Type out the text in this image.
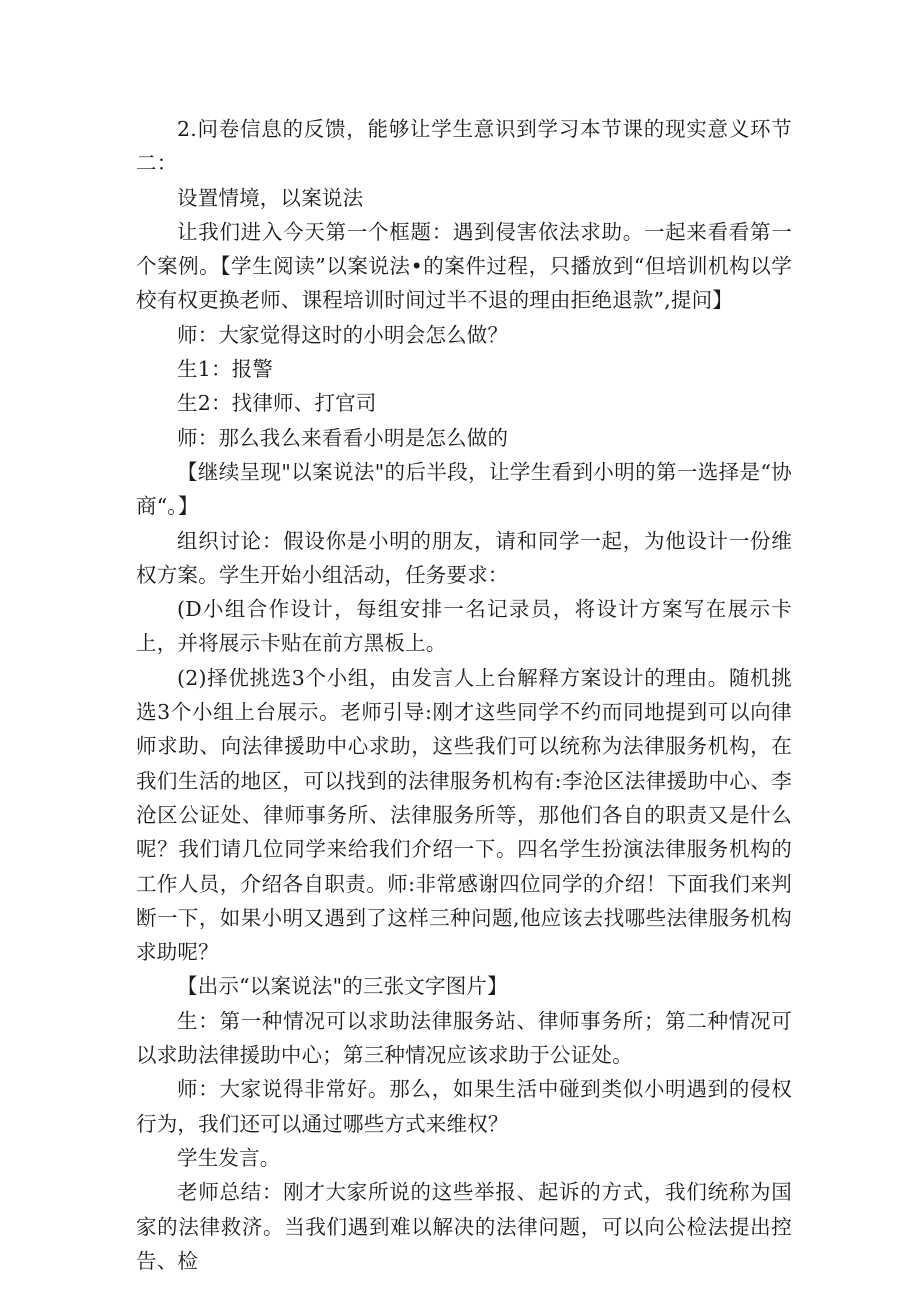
2.问卷信息的反馈，能够让学生意识到学习本节课的现实意义环节二：

设置情境，以案说法

让我们进入今天第一个框题：遇到侵害依法求助。一起来看看第一个案例。【学生阅读”以案说法•的案件过程，只播放到“但培训机构以学校有权更换老师、课程培训时间过半不退的理由拒绝退款”,提问】

师：大家觉得这时的小明会怎么做？

生1：报警

生2：找律师、打官司

师：那么我么来看看小明是怎么做的

【继续呈现"以案说法"的后半段，让学生看到小明的第一选择是“协商“。】

组织讨论：假设你是小明的朋友，请和同学一起，为他设计一份维权方案。学生开始小组活动，任务要求：

(D小组合作设计，每组安排一名记录员，将设计方案写在展示卡上，并将展示卡贴在前方黑板上。

(2)择优挑选3个小组，由发言人上台解释方案设计的理由。随机挑选3个小组上台展示。老师引导:刚才这些同学不约而同地提到可以向律师求助、向法律援助中心求助，这些我们可以统称为法律服务机构，在我们生活的地区，可以找到的法律服务机构有:李沧区法律援助中心、李沧区公证处、律师事务所、法律服务所等，那他们各自的职责又是什么呢？我们请几位同学来给我们介绍一下。四名学生扮演法律服务机构的工作人员，介绍各自职责。师:非常感谢四位同学的介绍！下面我们来判断一下，如果小明又遇到了这样三种问题,他应该去找哪些法律服务机构求助呢？

【出示“以案说法"的三张文字图片】

生：第一种情况可以求助法律服务站、律师事务所；第二种情况可以求助法律援助中心；第三种情况应该求助于公证处。

师：大家说得非常好。那么，如果生活中碰到类似小明遇到的侵权行为，我们还可以通过哪些方式来维权？

学生发言。

老师总结：刚才大家所说的这些举报、起诉的方式，我们统称为国家的法律救济。当我们遇到难以解决的法律问题，可以向公检法提出控告、检
